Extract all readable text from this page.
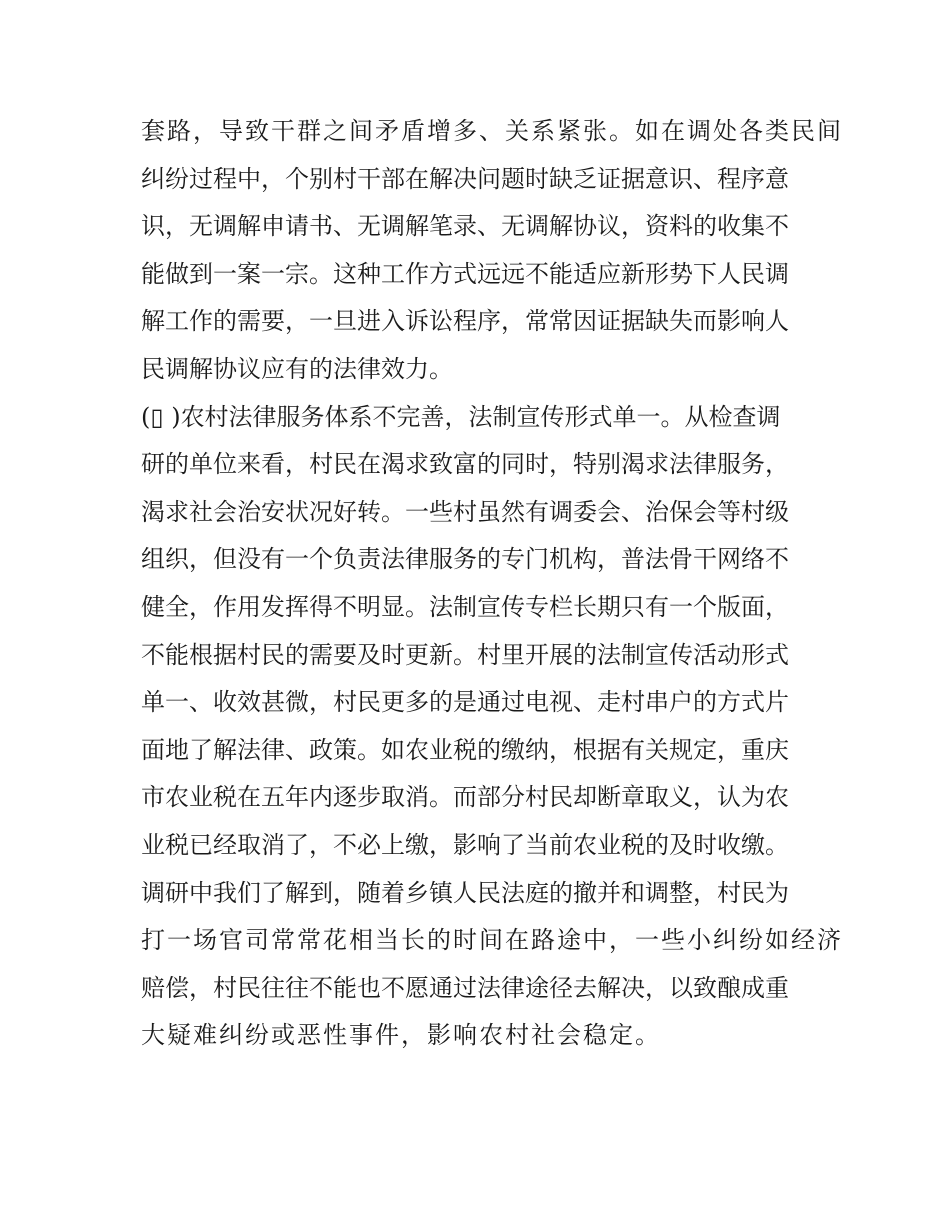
套路，导致干群之间矛盾增多、关系紧张。如在调处各类民间
纠纷过程中，个别村干部在解决问题时缺乏证据意识、程序意
识，无调解申请书、无调解笔录、无调解协议，资料的收集不
能做到一案一宗。这种工作方式远远不能适应新形势下人民调
解工作的需要，一旦进入诉讼程序，常常因证据缺失而影响人
民调解协议应有的法律效力。
(▯ )农村法律服务体系不完善，法制宣传形式单一。从检查调
研的单位来看，村民在渴求致富的同时，特别渴求法律服务，
渴求社会治安状况好转。一些村虽然有调委会、治保会等村级
组织，但没有一个负责法律服务的专门机构，普法骨干网络不
健全，作用发挥得不明显。法制宣传专栏长期只有一个版面，
不能根据村民的需要及时更新。村里开展的法制宣传活动形式
单一、收效甚微，村民更多的是通过电视、走村串户的方式片
面地了解法律、政策。如农业税的缴纳，根据有关规定，重庆
市农业税在五年内逐步取消。而部分村民却断章取义，认为农
业税已经取消了，不必上缴，影响了当前农业税的及时收缴。
调研中我们了解到，随着乡镇人民法庭的撤并和调整，村民为
打一场官司常常花相当长的时间在路途中，一些小纠纷如经济
赔偿，村民往往不能也不愿通过法律途径去解决，以致酿成重
大疑难纠纷或恶性事件，影响农村社会稳定。
